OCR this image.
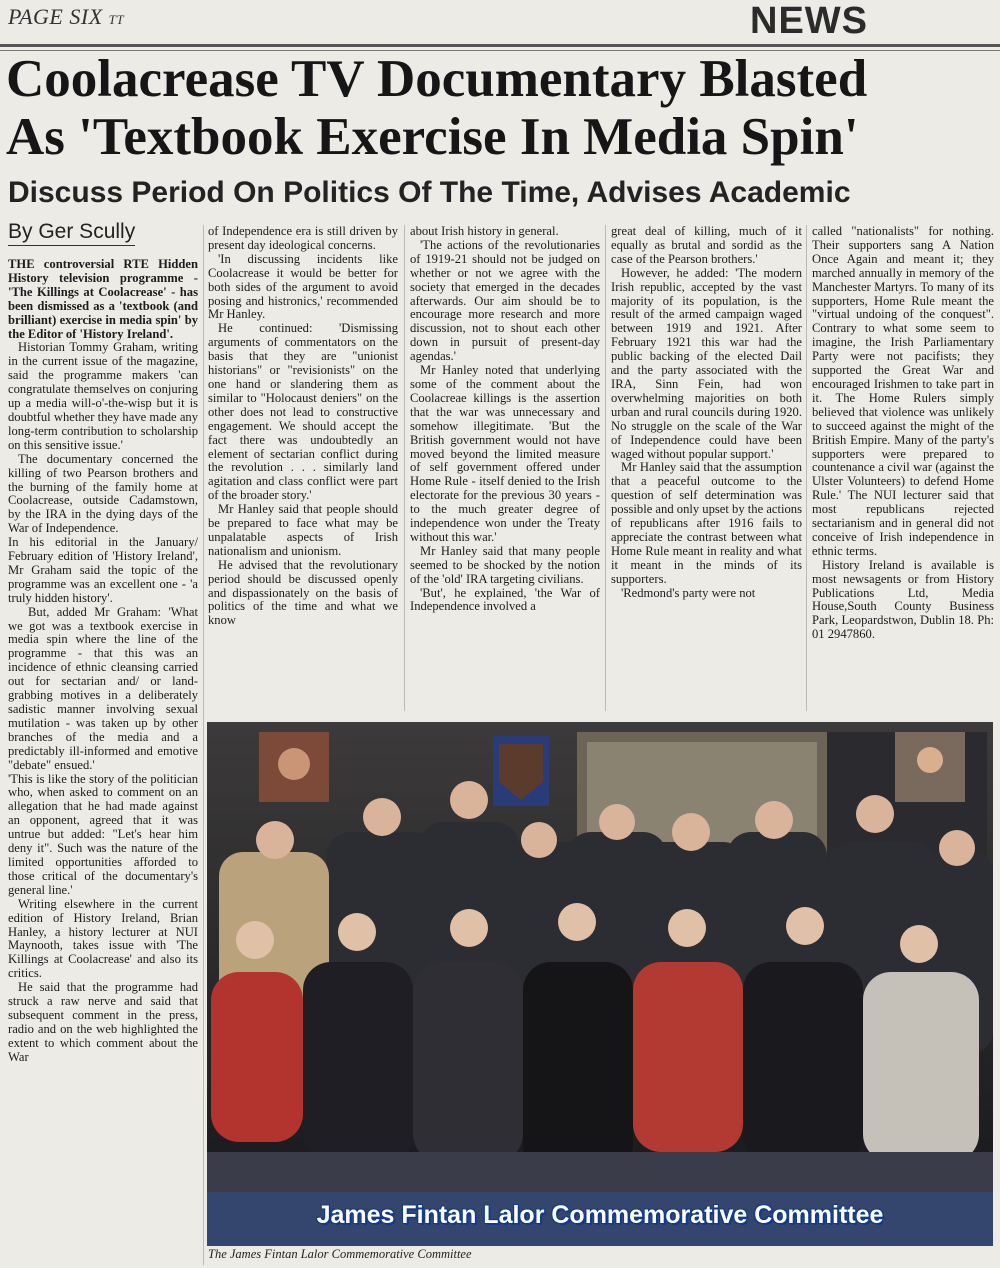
PAGE SIX TT	NEWS
Coolacrease TV Documentary Blasted
As 'Textbook Exercise In Media Spin'
Discuss Period On Politics Of The Time, Advises Academic
By Ger Scully

THE controversial RTE Hidden History television programme - 'The Killings at Coolacrease' - has been dismissed as a 'textbook (and brilliant) exercise in media spin' by the Editor of 'History Ireland'.

Historian Tommy Graham, writing in the current issue of the magazine, said the programme makers 'can congratulate themselves on conjuring up a media will-o'-the-wisp but it is doubtful whether they have made any long-term contribution to scholarship on this sensitive issue.'

The documentary concerned the killing of two Pearson brothers and the burning of the family home at Coolacrease, outside Cadamstown, by the IRA in the dying days of the War of Independence.

In his editorial in the January/ February edition of 'History Ireland', Mr Graham said the topic of the programme was an excellent one - 'a truly hidden history'.

But, added Mr Graham: 'What we got was a textbook exercise in media spin where the line of the programme - that this was an incidence of ethnic cleansing carried out for sectarian and/ or land-grabbing motives in a deliberately sadistic manner involving sexual mutilation - was taken up by other branches of the media and a predictably ill-informed and emotive "debate" ensued.'

'This is like the story of the politician who, when asked to comment on an allegation that he had made against an opponent, agreed that it was untrue but added: "Let's hear him deny it". Such was the nature of the limited opportunities afforded to those critical of the documentary's general line.'

Writing elsewhere in the current edition of History Ireland, Brian Hanley, a history lecturer at NUI Maynooth, takes issue with 'The Killings at Coolacrease' and also its critics.

He said that the programme had struck a raw nerve and said that subsequent comment in the press, radio and on the web highlighted the extent to which comment about the War

of Independence era is still driven by present day ideological concerns.

'In discussing incidents like Coolacrease it would be better for both sides of the argument to avoid posing and histronics,' recommended Mr Hanley.

He continued: 'Dismissing arguments of commentators on the basis that they are "unionist historians" or "revisionists" on the one hand or slandering them as similar to "Holocaust deniers" on the other does not lead to constructive engagement. We should accept the fact there was undoubtedly an element of sectarian conflict during the revolution . . . similarly land agitation and class conflict were part of the broader story.'

Mr Hanley said that people should be prepared to face what may be unpalatable aspects of Irish nationalism and unionism.

He advised that the revolutionary period should be discussed openly and dispassionately on the basis of politics of the time and what we know

about Irish history in general.

'The actions of the revolutionaries of 1919-21 should not be judged on whether or not we agree with the society that emerged in the decades afterwards. Our aim should be to encourage more research and more discussion, not to shout each other down in pursuit of present-day agendas.'

Mr Hanley noted that underlying some of the comment about the Coolacreae killings is the assertion that the war was unnecessary and somehow illegitimate. 'But the British government would not have moved beyond the limited measure of self government offered under Home Rule - itself denied to the Irish electorate for the previous 30 years - to the much greater degree of independence won under the Treaty without this war.'

Mr Hanley said that many people seemed to be shocked by the notion of the 'old' IRA targeting civilians.

'But', he explained, 'the War of Independence involved a

great deal of killing, much of it equally as brutal and sordid as the case of the Pearson brothers.'

However, he added: 'The modern Irish republic, accepted by the vast majority of its population, is the result of the armed campaign waged between 1919 and 1921. After February 1921 this war had the public backing of the elected Dail and the party associated with the IRA, Sinn Fein, had won overwhelming majorities on both urban and rural councils during 1920. No struggle on the scale of the War of Independence could have been waged without popular support.'

Mr Hanley said that the assumption that a peaceful outcome to the question of self determination was possible and only upset by the actions of republicans after 1916 fails to appreciate the contrast between what Home Rule meant in reality and what it meant in the minds of its supporters.

'Redmond's party were not

called "nationalists" for nothing. Their supporters sang A Nation Once Again and meant it; they marched annually in memory of the Manchester Martyrs. To many of its supporters, Home Rule meant the "virtual undoing of the conquest". Contrary to what some seem to imagine, the Irish Parliamentary Party were not pacifists; they supported the Great War and encouraged Irishmen to take part in it. The Home Rulers simply believed that violence was unlikely to succeed against the might of the British Empire. Many of the party's supporters were prepared to countenance a civil war (against the Ulster Volunteers) to defend Home Rule.' The NUI lecturer said that most republicans rejected sectarianism and in general did not conceive of Irish independence in ethnic terms.

History Ireland is available is most newsagents or from History Publications Ltd, Media House,South County Business Park, Leopardstwon, Dublin 18. Ph: 01 2947860.

James Fintan Lalor Commemorative Committee
The James Fintan Lalor Commemorative Committee
